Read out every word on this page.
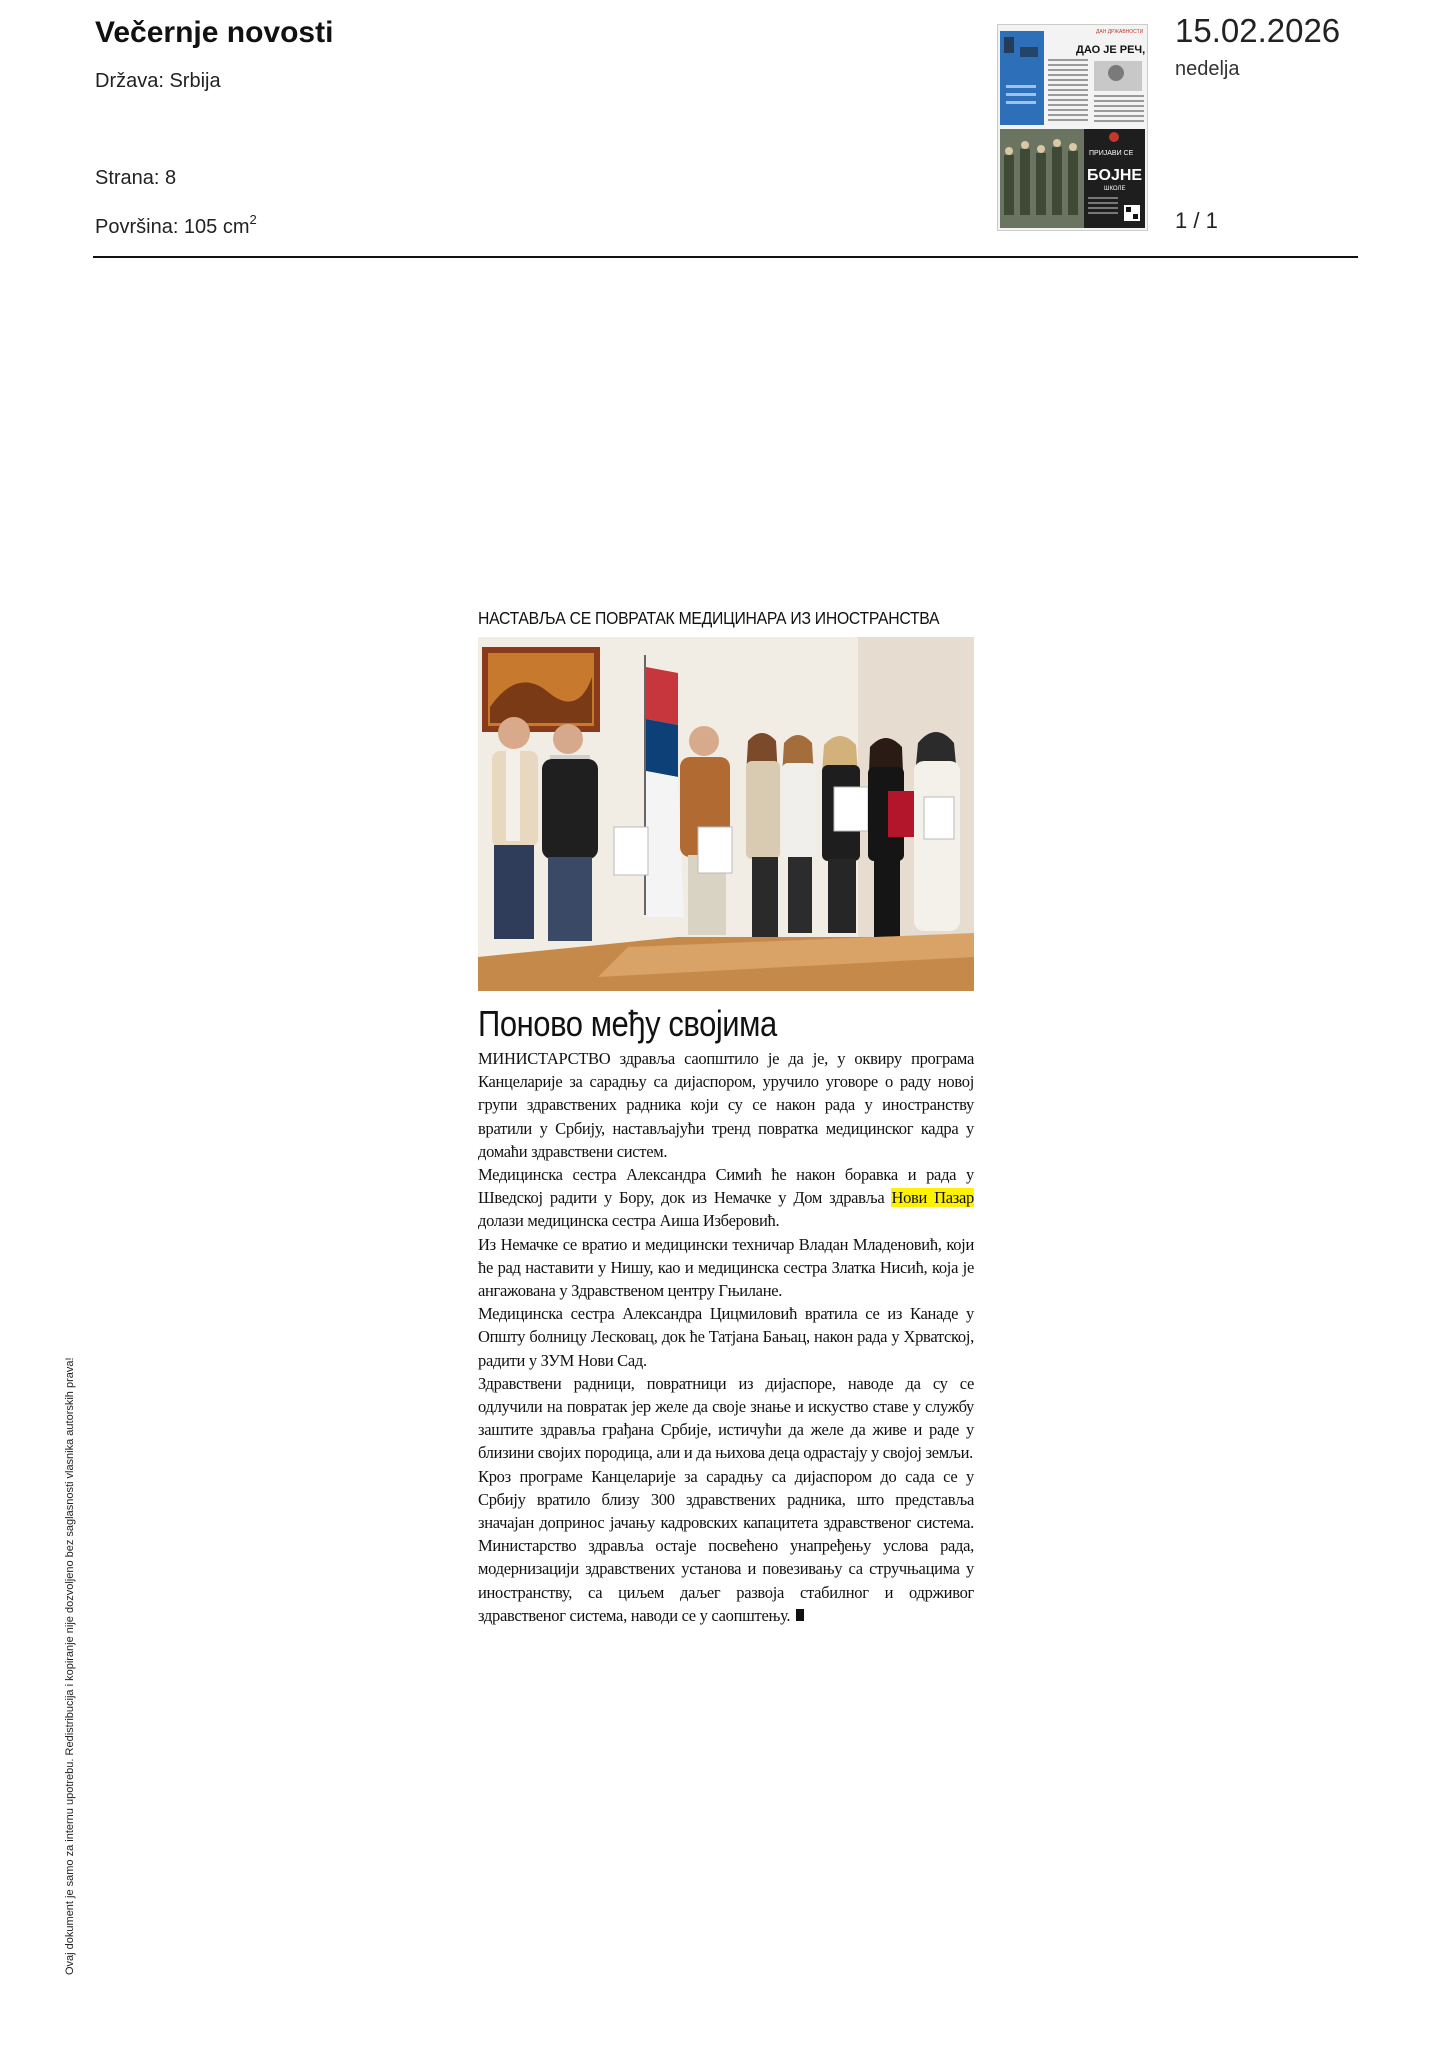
Večernje novosti
Država: Srbija
Strana: 8
Površina: 105 $cm^2$
ДАН ДРЖАВНОСТИ
ДАО ЈЕ РЕЧ,
ПРИЈАВИ СЕ
БОЈНЕ
ШКОЛЕ
15.02.2026
nedelja
1 / 1
НАСТАВЉА СЕ ПОВРАТАК МЕДИЦИНАРА ИЗ ИНОСТРАНСТВА
Поново међу својима

МИНИСТАРСТВО здравља саопштило је да је, у оквиру програма Канцеларије за сарадњу са дијаспором, уручило уговоре о раду новој групи здравствених радника који су се након рада у иностранству вратили у Србију, настављајући тренд повратка медицинског кадра у домаћи здравствени систем.

Медицинска сестра Александра Симић ће након боравка и рада у Шведској радити у Бору, док из Немачке у Дом здравља Нови Пазар долази медицинска сестра Аиша Изберовић.

Из Немачке се вратио и медицински техничар Владан Младеновић, који ће рад наставити у Нишу, као и медицинска сестра Златка Нисић, која је ангажована у Здравственом центру Гњилане.

Медицинска сестра Александра Цицмиловић вратила се из Канаде у Општу болницу Лесковац, док ће Татјана Бањац, након рада у Хрватској, радити у ЗУМ Нови Сад.

Здравствени радници, повратници из дијаспоре, наводе да су се одлучили на повратак јер желе да своје знање и искуство ставе у службу заштите здравља грађана Србије, истичући да желе да живе и раде у близини својих породица, али и да њихова деца одрастају у својој земљи.

Кроз програме Канцеларије за сарадњу са дијаспором до сада се у Србију вратило близу 300 здравствених радника, што представља значајан допринос јачању кадровских капацитета здравственог система. Министарство здравља остаје посвећено унапређењу услова рада, модернизацији здравствених установа и повезивању са стручњацима у иностранству, са циљем даљег развоја стабилног и одрживог здравственог система, наводи се у саопштењу.

Ovaj dokument je samo za internu upotrebu. Redistribucija i kopiranje nije dozvoljeno bez saglasnosti vlasnika autorskih prava!
